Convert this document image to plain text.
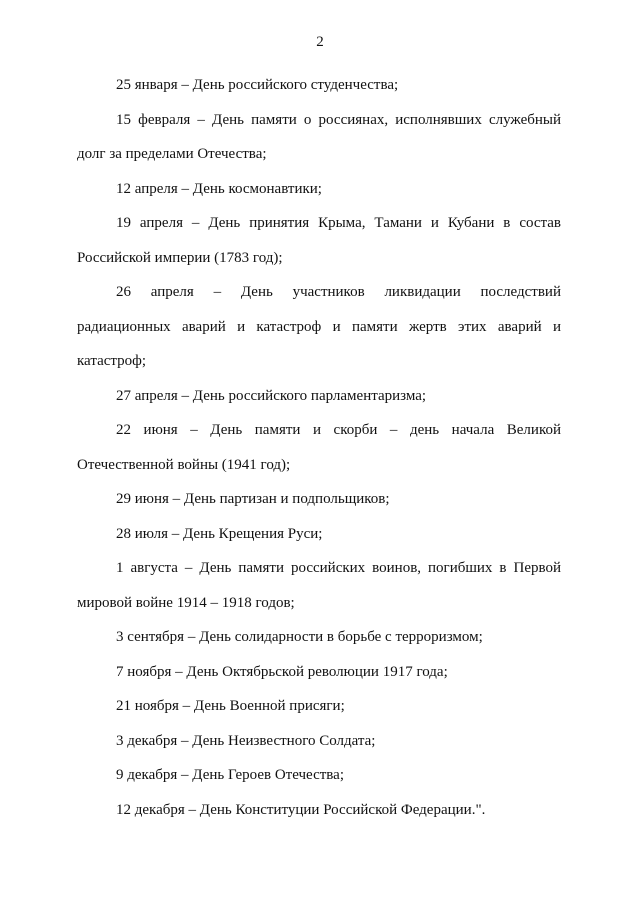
2

25 января – День российского студенчества;

15 февраля – День памяти о россиянах, исполнявших служебный долг за пределами Отечества;

12 апреля – День космонавтики;

19 апреля – День принятия Крыма, Тамани и Кубани в состав Российской империи (1783 год);

26 апреля – День участников ликвидации последствий радиационных аварий и катастроф и памяти жертв этих аварий и катастроф;

27 апреля – День российского парламентаризма;

22 июня – День памяти и скорби – день начала Великой Отечественной войны (1941 год);

29 июня – День партизан и подпольщиков;

28 июля – День Крещения Руси;

1 августа – День памяти российских воинов, погибших в Первой мировой войне 1914 – 1918 годов;

3 сентября – День солидарности в борьбе с терроризмом;

7 ноября – День Октябрьской революции 1917 года;

21 ноября – День Военной присяги;

3 декабря – День Неизвестного Солдата;

9 декабря – День Героев Отечества;

12 декабря – День Конституции Российской Федерации.".
